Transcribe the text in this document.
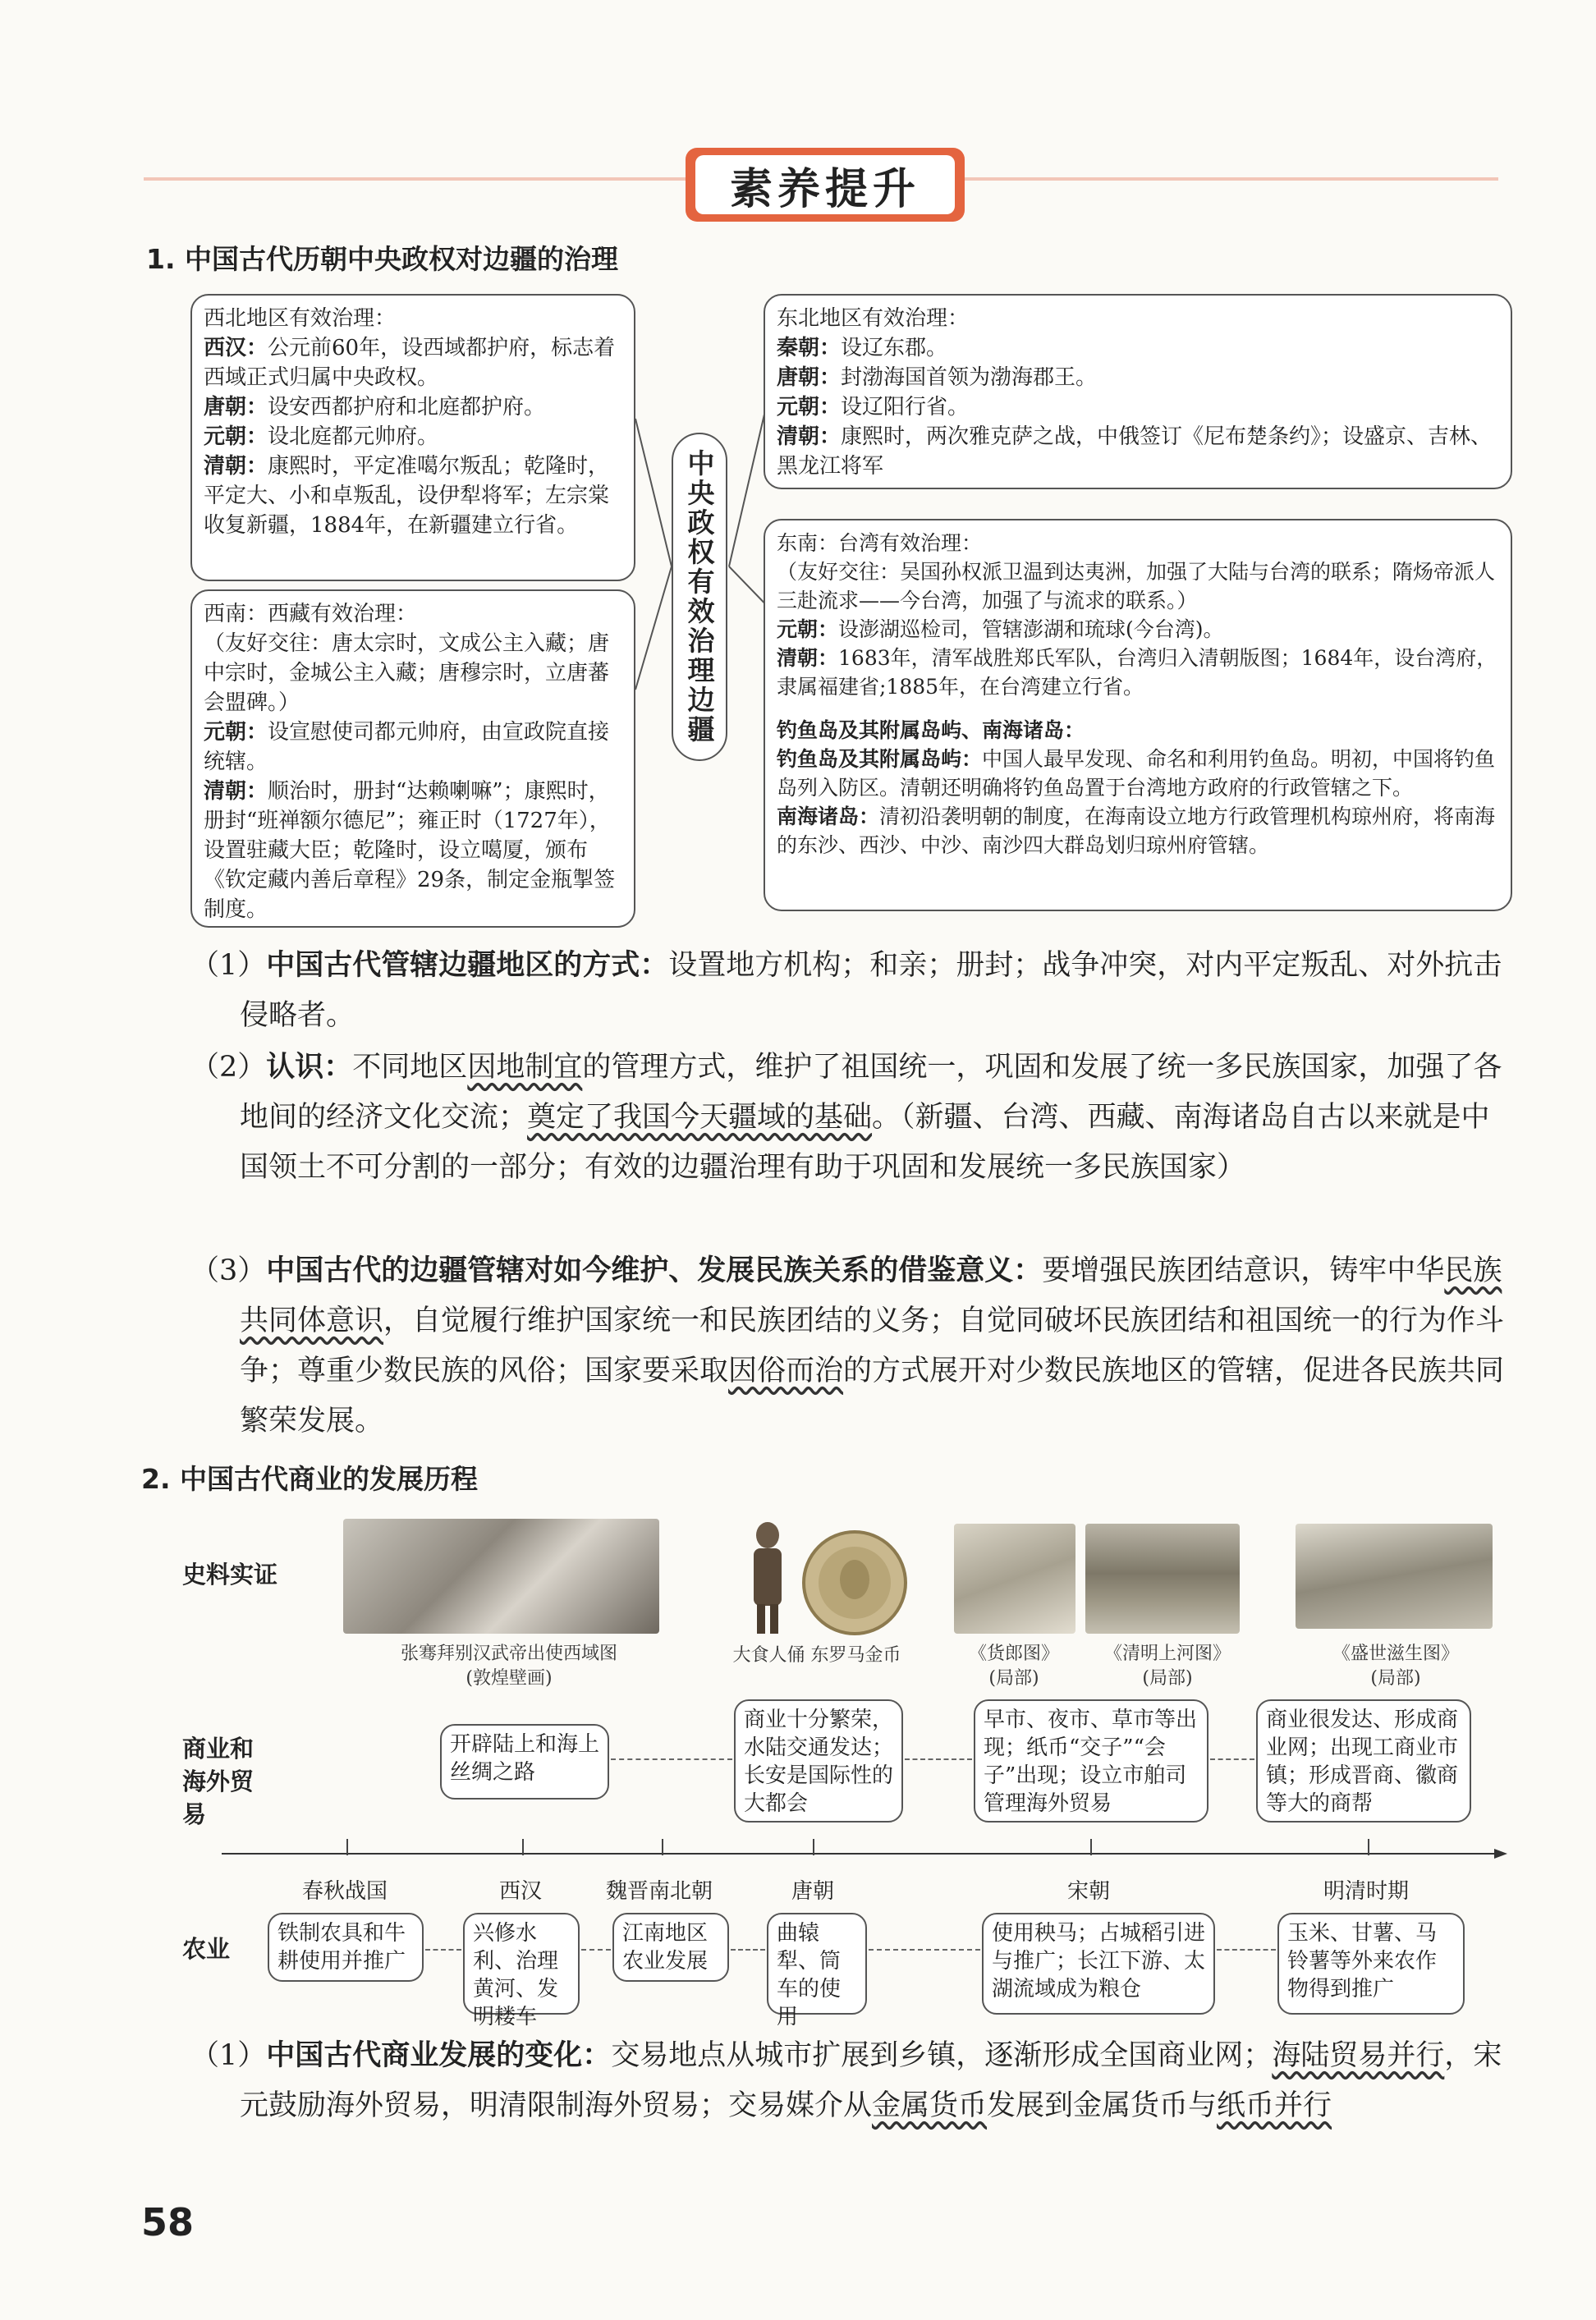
素养提升
1. 中国古代历朝中央政权对边疆的治理
西北地区有效治理：
西汉：公元前60年，设西域都护府，标志着西域正式归属中央政权。
唐朝：设安西都护府和北庭都护府。
元朝：设北庭都元帅府。
清朝：康熙时，平定准噶尔叛乱；乾隆时，平定大、小和卓叛乱，设伊犁将军；左宗棠收复新疆，1884年，在新疆建立行省。
西南：西藏有效治理：
（友好交往：唐太宗时，文成公主入藏；唐中宗时，金城公主入藏；唐穆宗时，立唐蕃会盟碑。）
元朝：设宣慰使司都元帅府，由宣政院直接统辖。
清朝：顺治时，册封“达赖喇嘛”；康熙时，册封“班禅额尔德尼”；雍正时（1727年），设置驻藏大臣；乾隆时，设立噶厦，颁布《钦定藏内善后章程》29条，制定金瓶掣签制度。
中央政权有效治理边疆
东北地区有效治理：
秦朝：设辽东郡。
唐朝：封渤海国首领为渤海郡王。
元朝：设辽阳行省。
清朝：康熙时，两次雅克萨之战，中俄签订《尼布楚条约》；设盛京、吉林、黑龙江将军
东南：台湾有效治理：
（友好交往：吴国孙权派卫温到达夷洲，加强了大陆与台湾的联系；隋炀帝派人三赴流求——今台湾，加强了与流求的联系。）
元朝：设澎湖巡检司，管辖澎湖和琉球(今台湾)。
清朝：1683年，清军战胜郑氏军队，台湾归入清朝版图；1684年，设台湾府，隶属福建省;1885年，在台湾建立行省。
钓鱼岛及其附属岛屿、南海诸岛：
钓鱼岛及其附属岛屿：中国人最早发现、命名和利用钓鱼岛。明初，中国将钓鱼岛列入防区。清朝还明确将钓鱼岛置于台湾地方政府的行政管辖之下。
南海诸岛：清初沿袭明朝的制度，在海南设立地方行政管理机构琼州府，将南海的东沙、西沙、中沙、南沙四大群岛划归琼州府管辖。
（1）中国古代管辖边疆地区的方式：设置地方机构；和亲；册封；战争冲突，对内平定叛乱、对外抗击侵略者。
（2）认识：不同地区因地制宜的管理方式，维护了祖国统一，巩固和发展了统一多民族国家，加强了各地间的经济文化交流；奠定了我国今天疆域的基础。（新疆、台湾、西藏、南海诸岛自古以来就是中国领土不可分割的一部分；有效的边疆治理有助于巩固和发展统一多民族国家）
（3）中国古代的边疆管辖对如今维护、发展民族关系的借鉴意义：要增强民族团结意识，铸牢中华民族共同体意识，自觉履行维护国家统一和民族团结的义务；自觉同破坏民族团结和祖国统一的行为作斗争；尊重少数民族的风俗；国家要采取因俗而治的方式展开对少数民族地区的管辖，促进各民族共同繁荣发展。
2. 中国古代商业的发展历程
史料实证
商业和海外贸易
农业
张骞拜别汉武帝出使西域图
(敦煌壁画)
大食人俑 东罗马金币	《货郎图》
(局部)
《清明上河图》
(局部)
《盛世滋生图》
(局部)
开辟陆上和海上丝绸之路
商业十分繁荣，水陆交通发达；长安是国际性的大都会
早市、夜市、草市等出现；纸币“交子”“会子”出现；设立市舶司管理海外贸易
商业很发达、形成商业网；出现工商业市镇；形成晋商、徽商等大的商帮
春秋战国	西汉	魏晋南北朝	唐朝	宋朝	明清时期
铁制农具和牛耕使用并推广
兴修水利、治理黄河、发明耧车
江南地区农业发展
曲辕犁、筒车的使用
使用秧马；占城稻引进与推广；长江下游、太湖流域成为粮仓
玉米、甘薯、马铃薯等外来农作物得到推广
（1）中国古代商业发展的变化：交易地点从城市扩展到乡镇，逐渐形成全国商业网；海陆贸易并行，宋元鼓励海外贸易，明清限制海外贸易；交易媒介从金属货币发展到金属货币与纸币并行
58
